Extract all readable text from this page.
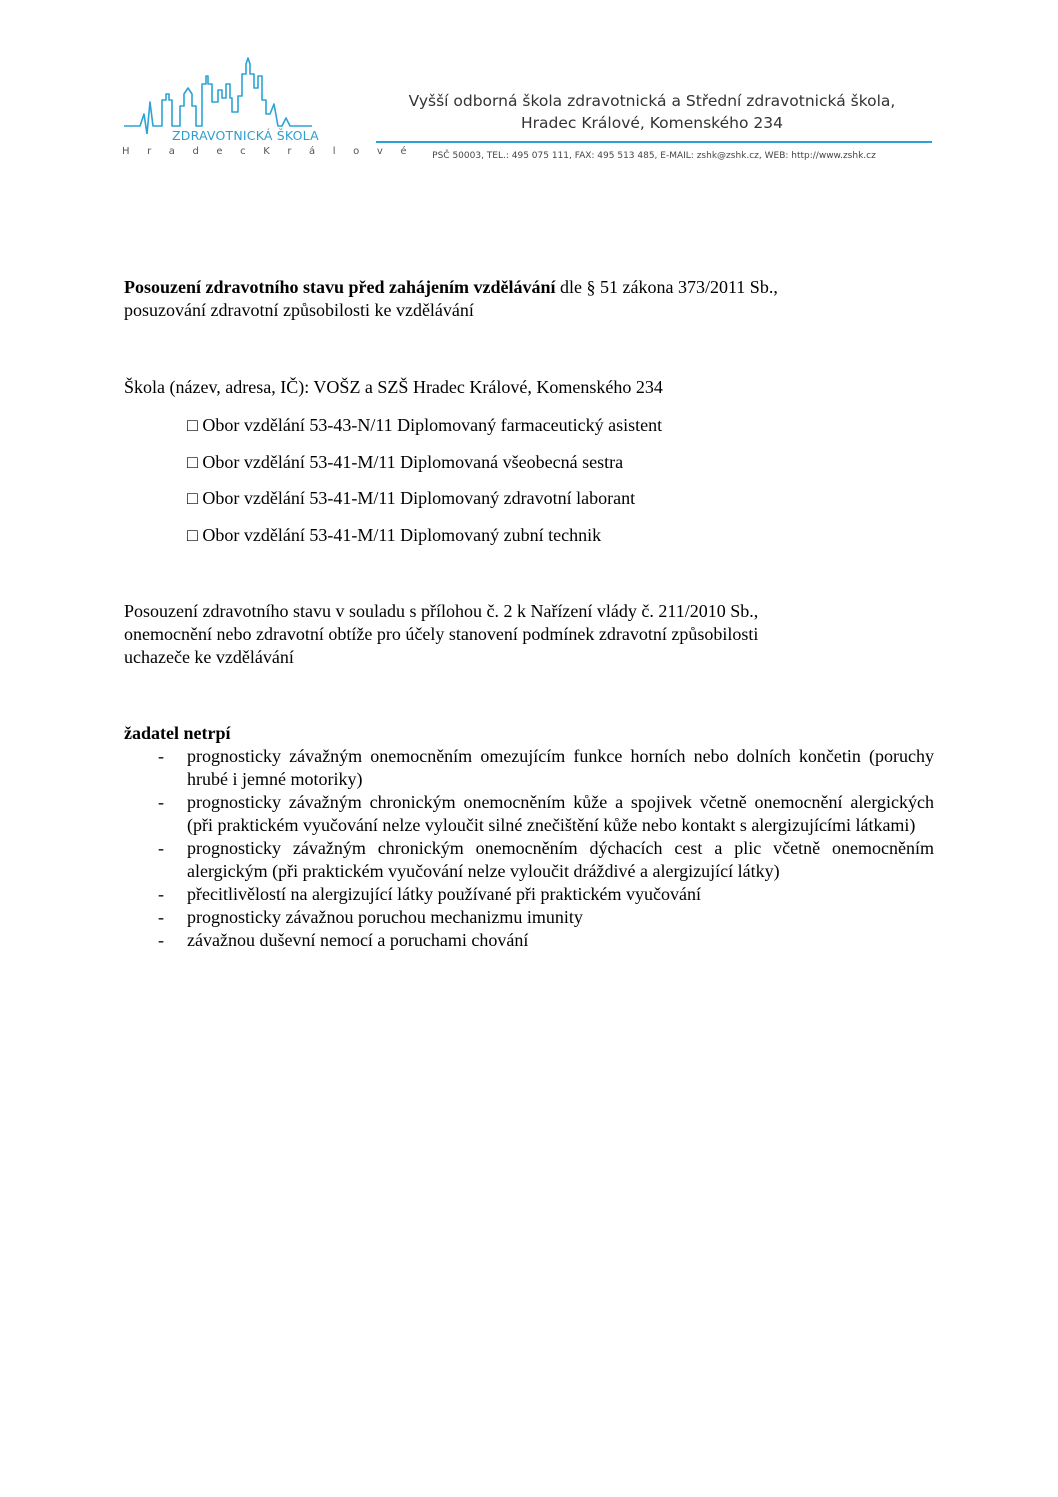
ZDRAVOTNICKÁ ŠKOLA
H r a d e c K r á l o v é
Vyšší odborná škola zdravotnická a Střední zdravotnická škola,
Hradec Králové, Komenského 234
PSČ 50003, TEL.: 495 075 111, FAX: 495 513 485, E-MAIL: zshk@zshk.cz, WEB: http://www.zshk.cz
Posouzení zdravotního stavu před zahájením vzdělávání dle § 51 zákona 373/2011 Sb.,
posuzování zdravotní způsobilosti ke vzdělávání
Škola (název, adresa, IČ): VOŠZ a SZŠ Hradec Králové, Komenského 234
□ Obor vzdělání 53-43-N/11 Diplomovaný farmaceutický asistent
□ Obor vzdělání 53-41-M/11 Diplomovaná všeobecná sestra
□ Obor vzdělání 53-41-M/11 Diplomovaný zdravotní laborant
□ Obor vzdělání 53-41-M/11 Diplomovaný zubní technik
Posouzení zdravotního stavu v souladu s přílohou č. 2 k Nařízení vlády č. 211/2010 Sb.,
onemocnění nebo zdravotní obtíže pro účely stanovení podmínek zdravotní způsobilosti
uchazeče ke vzdělávání
žadatel netrpí
- prognosticky závažným onemocněním omezujícím funkce horních nebo dolních končetin (poruchy hrubé i jemné motoriky)
- prognosticky závažným chronickým onemocněním kůže a spojivek včetně onemocnění alergických (při praktickém vyučování nelze vyloučit silné znečištění kůže nebo kontakt s alergizujícími látkami)
- prognosticky závažným chronickým onemocněním dýchacích cest a plic včetně onemocněním alergickým (při praktickém vyučování nelze vyloučit dráždivé a alergizující látky)
- přecitlivělostí na alergizující látky používané při praktickém vyučování
- prognosticky závažnou poruchou mechanizmu imunity
- závažnou duševní nemocí a poruchami chování
